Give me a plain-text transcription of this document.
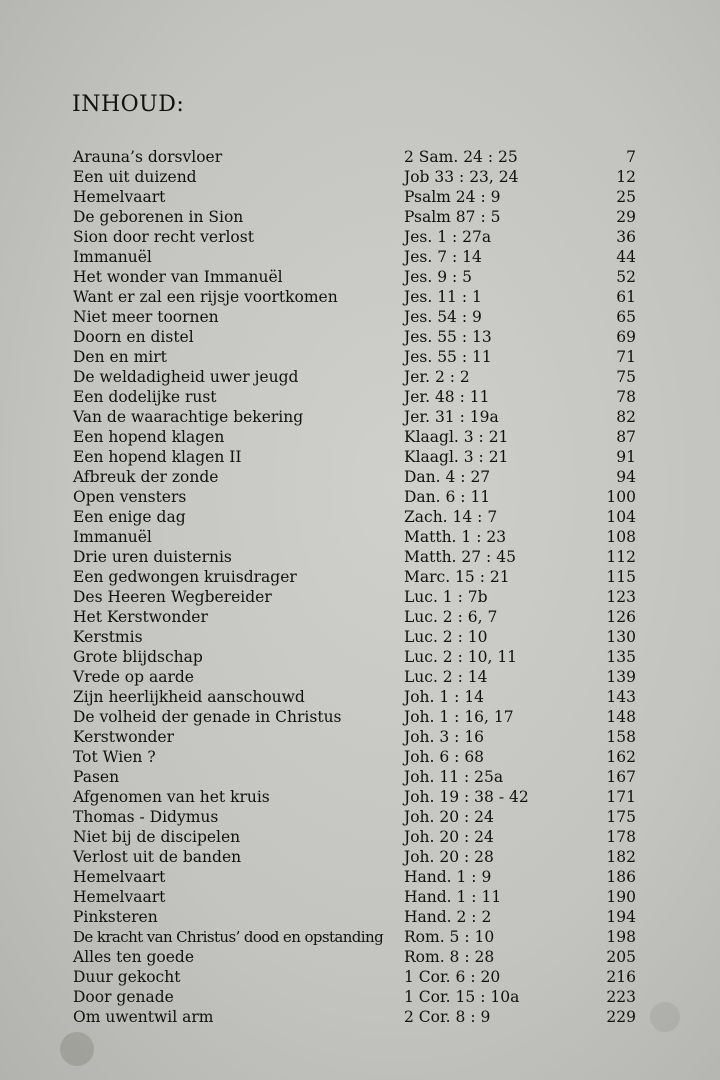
INHOUD:
Arauna’s dorsvloer	2 Sam. 24 : 25	7
Een uit duizend	Job 33 : 23, 24	12
Hemelvaart	Psalm 24 : 9	25
De geborenen in Sion	Psalm 87 : 5	29
Sion door recht verlost	Jes. 1 : 27a	36
Immanuël	Jes. 7 : 14	44
Het wonder van Immanuël	Jes. 9 : 5	52
Want er zal een rijsje voortkomen	Jes. 11 : 1	61
Niet meer toornen	Jes. 54 : 9	65
Doorn en distel	Jes. 55 : 13	69
Den en mirt	Jes. 55 : 11	71
De weldadigheid uwer jeugd	Jer. 2 : 2	75
Een dodelijke rust	Jer. 48 : 11	78
Van de waarachtige bekering	Jer. 31 : 19a	82
Een hopend klagen	Klaagl. 3 : 21	87
Een hopend klagen II	Klaagl. 3 : 21	91
Afbreuk der zonde	Dan. 4 : 27	94
Open vensters	Dan. 6 : 11	100
Een enige dag	Zach. 14 : 7	104
Immanuël	Matth. 1 : 23	108
Drie uren duisternis	Matth. 27 : 45	112
Een gedwongen kruisdrager	Marc. 15 : 21	115
Des Heeren Wegbereider	Luc. 1 : 7b	123
Het Kerstwonder	Luc. 2 : 6, 7	126
Kerstmis	Luc. 2 : 10	130
Grote blijdschap	Luc. 2 : 10, 11	135
Vrede op aarde	Luc. 2 : 14	139
Zijn heerlijkheid aanschouwd	Joh. 1 : 14	143
De volheid der genade in Christus	Joh. 1 : 16, 17	148
Kerstwonder	Joh. 3 : 16	158
Tot Wien ?	Joh. 6 : 68	162
Pasen	Joh. 11 : 25a	167
Afgenomen van het kruis	Joh. 19 : 38 - 42	171
Thomas - Didymus	Joh. 20 : 24	175
Niet bij de discipelen	Joh. 20 : 24	178
Verlost uit de banden	Joh. 20 : 28	182
Hemelvaart	Hand. 1 : 9	186
Hemelvaart	Hand. 1 : 11	190
Pinksteren	Hand. 2 : 2	194
De kracht van Christus’ dood en opstanding Rom. 5 : 10	198
Alles ten goede	Rom. 8 : 28	205
Duur gekocht	1 Cor. 6 : 20	216
Door genade	1 Cor. 15 : 10a	223
Om uwentwil arm	2 Cor. 8 : 9	229
